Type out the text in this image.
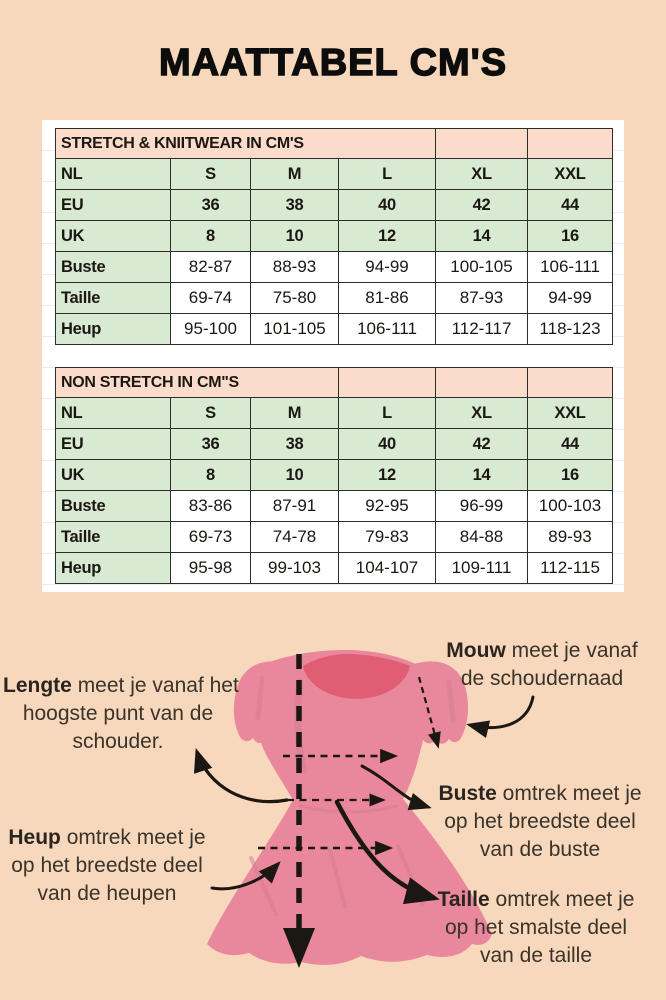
MAATTABEL CM'S
STRETCH & KNIITWEAR IN CM'S					
NL	S	M	L	XL	XXL
EU	36	38	40	42	44
UK	8	10	12	14	16
Buste	82-87	88-93	94-99	100-105	106-111
Taille	69-74	75-80	81-86	87-93	94-99
Heup	95-100	101-105	106-111	112-117	118-123
NON STRETCH IN CM"S					
NL	S	M	L	XL	XXL
EU	36	38	40	42	44
UK	8	10	12	14	16
Buste	83-86	87-91	92-95	96-99	100-103
Taille	69-73	74-78	79-83	84-88	89-93
Heup	95-98	99-103	104-107	109-111	112-115
Lengte meet je vanaf het
hoogste punt van de
schouder.
Mouw meet je vanaf
de schoudernaad
Buste omtrek meet je
op het breedste deel
van de buste
Heup omtrek meet je
op het breedste deel
van de heupen	Taille omtrek meet je
op het smalste deel
van de taille
